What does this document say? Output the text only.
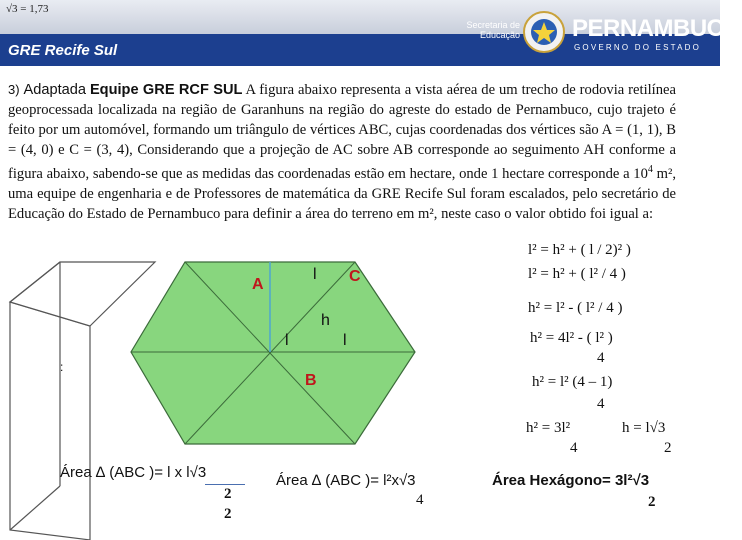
√3 = 1,73
GRE Recife Sul
Secretaria de Educação PERNAMBUCO
GOVERNO DO ESTADO
3) Adaptada Equipe GRE RCF SUL A figura abaixo representa a vista aérea de um trecho de rodovia retilínea geoprocessada localizada na região de Garanhuns na região do agreste do estado de Pernambuco, cujo trajeto é feito por um automóvel, formando um triângulo de vértices ABC, cujas coordenadas dos vértices são A = (1, 1), B = (4, 0) e C = (3, 4), Considerando que a projeção de AC sobre AB corresponde ao seguimento AH conforme a figura abaixo, sabendo-se que as medidas das coordenadas estão em hectare, onde 1 hectare corresponde a $10^4$ m², uma equipe de engenharia e de Professores de matemática da GRE Recife Sul foram escalados, pelo secretário de Educação do Estado de Pernambuco para definir a área do terreno em m², neste caso o valor obtido foi igual a:
A	C
B
h
l
l	l
:
l² = h² + ( l / 2)² )
l² = h² + ( l² / 4 )
h² = l² - ( l² / 4 )
h² = 4l² - ( l² )
4
h² = l² (4 – 1)
4
h² = 3l²
4
h = l√3
2
Área ∆ (ABC )= l x l√3
2
2
Área ∆ (ABC )= l²x√3
4
Área Hexágono= 3l²√3
2
